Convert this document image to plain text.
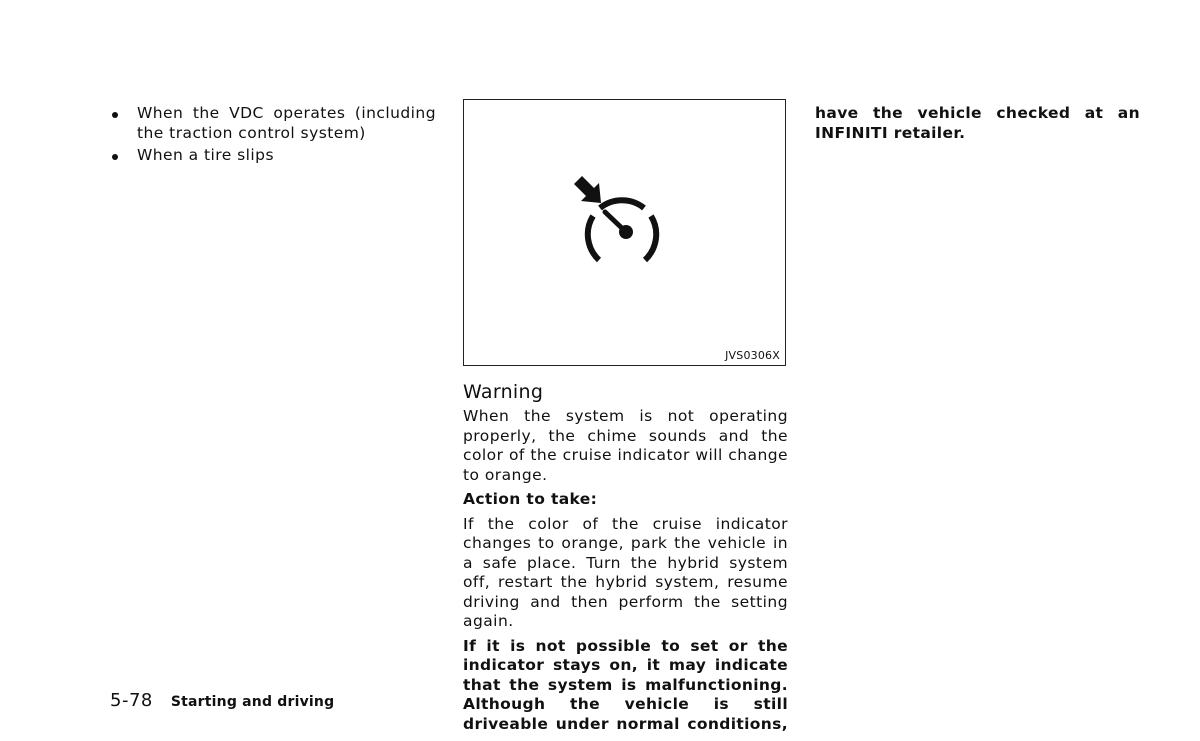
When the VDC operates (including the traction control system)
When a tire slips
JVS0306X
Warning

When the system is not operating properly, the chime sounds and the color of the cruise indicator will change to orange.

Action to take:

If the color of the cruise indicator changes to orange, park the vehicle in a safe place. Turn the hybrid system off, restart the hybrid system, resume driving and then perform the setting again.

If it is not possible to set or the indicator stays on, it may indicate that the system is malfunctioning. Although the vehicle is still driveable under normal conditions,

have the vehicle checked at an INFINITI retailer.

5-78 Starting and driving
